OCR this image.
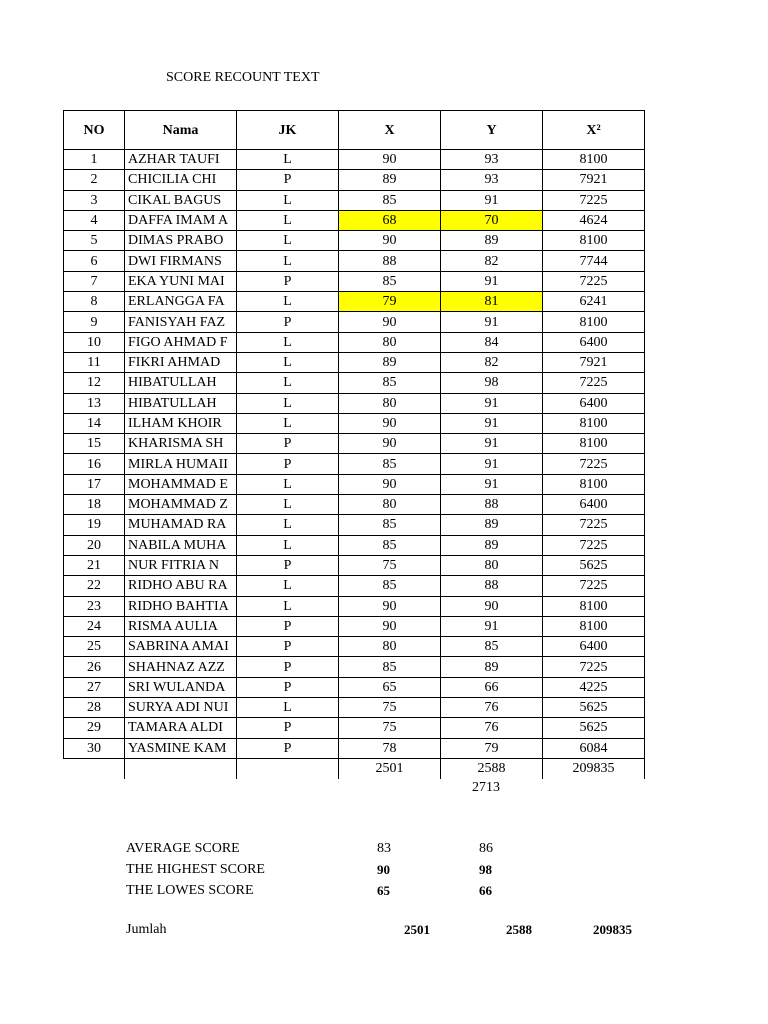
SCORE RECOUNT TEXT
NO	Nama	JK	X	Y	X²
1	AZHAR TAUFI	L	90	93	8100
2	CHICILIA CHI	P	89	93	7921
3	CIKAL BAGUS	L	85	91	7225
4	DAFFA IMAM A	L	68	70	4624
5	DIMAS PRABO	L	90	89	8100
6	DWI FIRMANS	L	88	82	7744
7	EKA YUNI MAI	P	85	91	7225
8	ERLANGGA FA	L	79	81	6241
9	FANISYAH FAZ	P	90	91	8100
10	FIGO AHMAD F	L	80	84	6400
11	FIKRI AHMAD	L	89	82	7921
12	HIBATULLAH	L	85	98	7225
13	HIBATULLAH	L	80	91	6400
14	ILHAM KHOIR	L	90	91	8100
15	KHARISMA SH	P	90	91	8100
16	MIRLA HUMAII	P	85	91	7225
17	MOHAMMAD E	L	90	91	8100
18	MOHAMMAD Z	L	80	88	6400
19	MUHAMAD RA	L	85	89	7225
20	NABILA MUHA	L	85	89	7225
21	NUR FITRIA N	P	75	80	5625
22	RIDHO ABU RA	L	85	88	7225
23	RIDHO BAHTIA	L	90	90	8100
24	RISMA AULIA	P	90	91	8100
25	SABRINA AMAI	P	80	85	6400
26	SHAHNAZ AZZ	P	85	89	7225
27	SRI WULANDA	P	65	66	4225
28	SURYA ADI NUI	L	75	76	5625
29	TAMARA ALDI	P	75	76	5625
30	YASMINE KAM	P	78	79	6084
			2501	2588	209835
2713
AVERAGE SCORE	83	86
THE HIGHEST SCORE	90	98
THE LOWES SCORE	65	66
Jumlah	2501	2588	209835
